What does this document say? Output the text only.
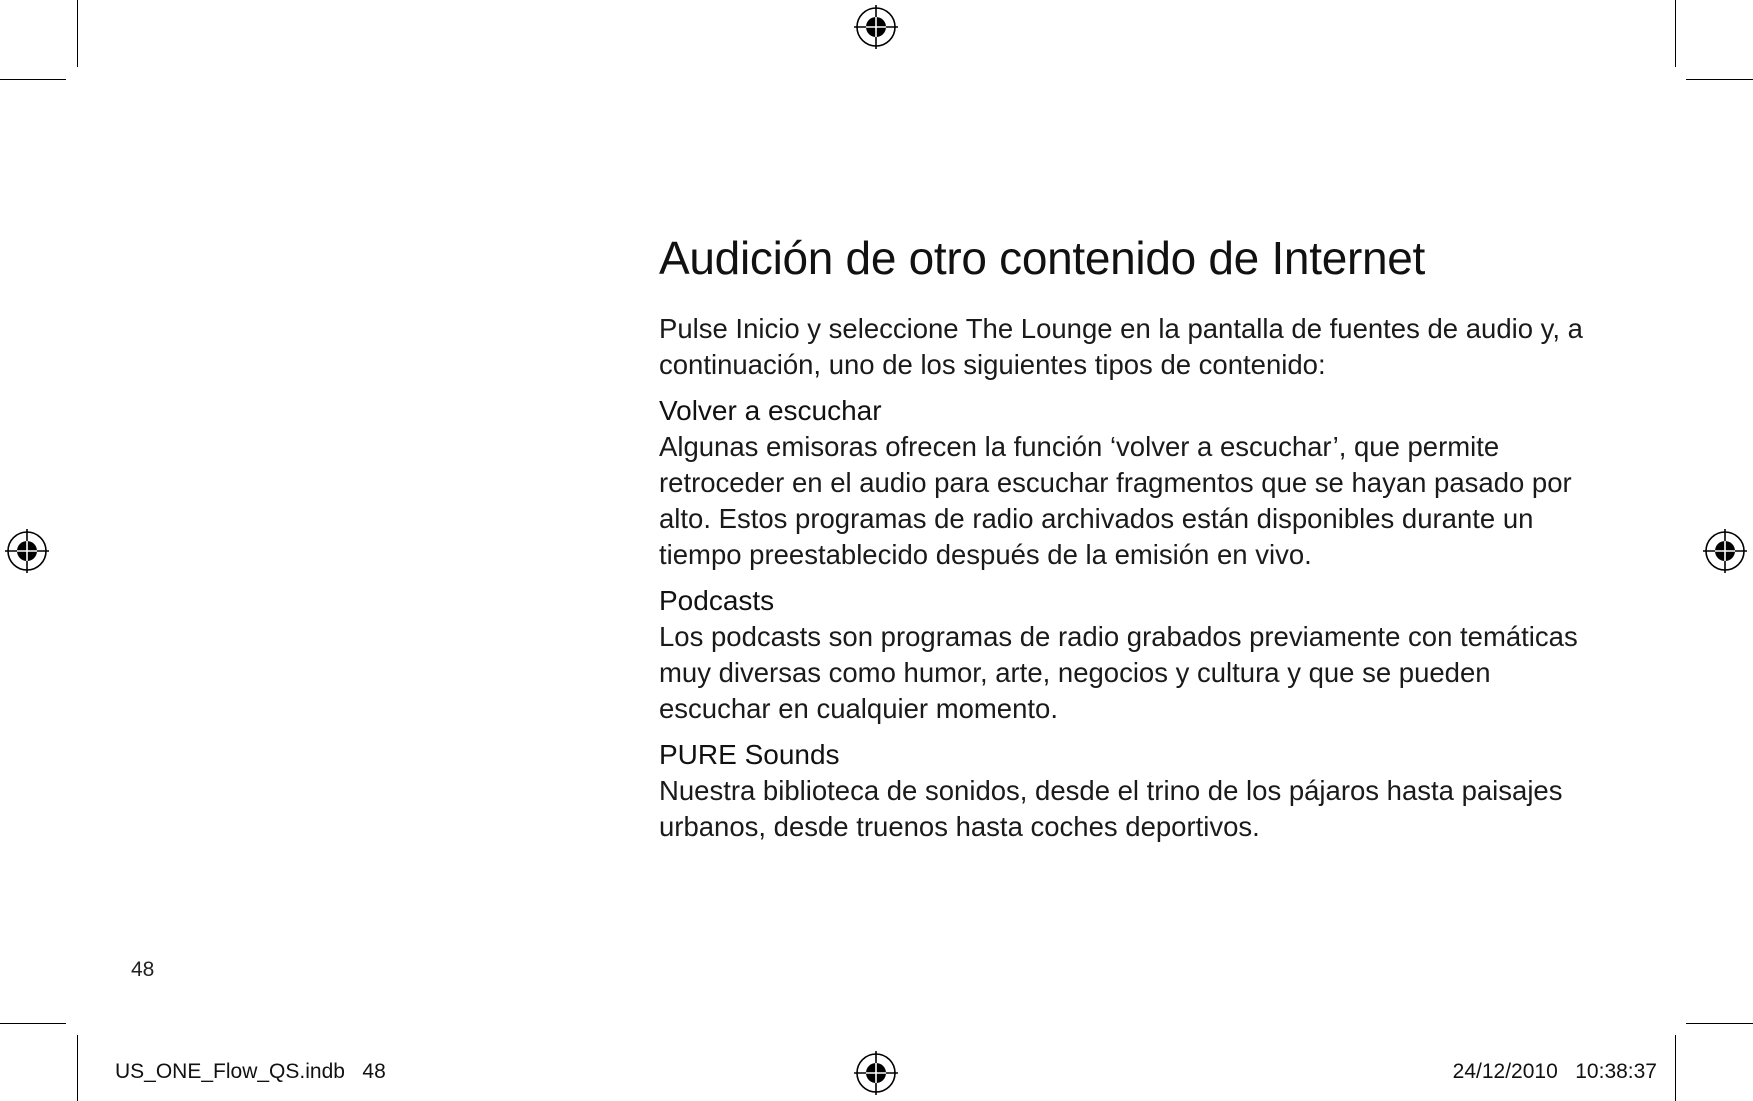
Audición de otro contenido de Internet

Pulse Inicio y seleccione The Lounge en la pantalla de fuentes de audio y, a continuación, uno de los siguientes tipos de contenido:

Volver a escuchar

Algunas emisoras ofrecen la función ‘volver a escuchar’, que permite retroceder en el audio para escuchar fragmentos que se hayan pasado por alto. Estos programas de radio archivados están disponibles durante un tiempo preestablecido después de la emisión en vivo.

Podcasts

Los podcasts son programas de radio grabados previamente con temáticas muy diversas como humor, arte, negocios y cultura y que se pueden escuchar en cualquier momento.

PURE Sounds

Nuestra biblioteca de sonidos, desde el trino de los pájaros hasta paisajes urbanos, desde truenos hasta coches deportivos.

48
US_ONE_Flow_QS.indb   48	24/12/2010   10:38:37
